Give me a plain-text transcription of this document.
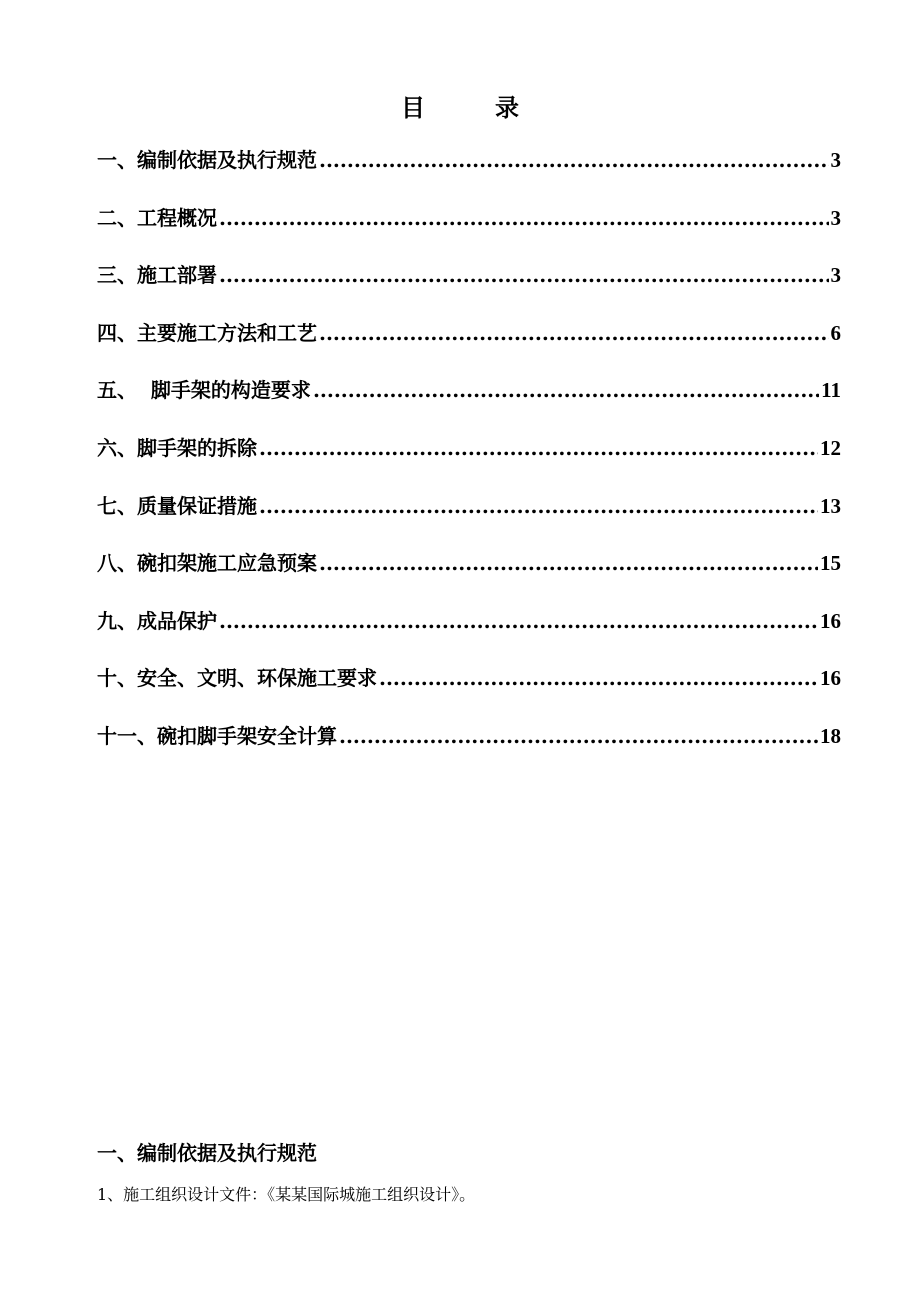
目	录
一、编制依据及执行规范 .....	3
二、工程概况 .....	3
三、施工部署 .....	3
四、主要施工方法和工艺 .....	6
五、  脚手架的构造要求 .....	11
六、脚手架的拆除 .....	12
七、质量保证措施 .....	13
八、碗扣架施工应急预案 .....	15
九、成品保护 .....	16
十、安全、文明、环保施工要求 .....	16
十一、碗扣脚手架安全计算 .....	18
一、编制依据及执行规范
1、施工组织设计文件：《某某国际城施工组织设计》。
